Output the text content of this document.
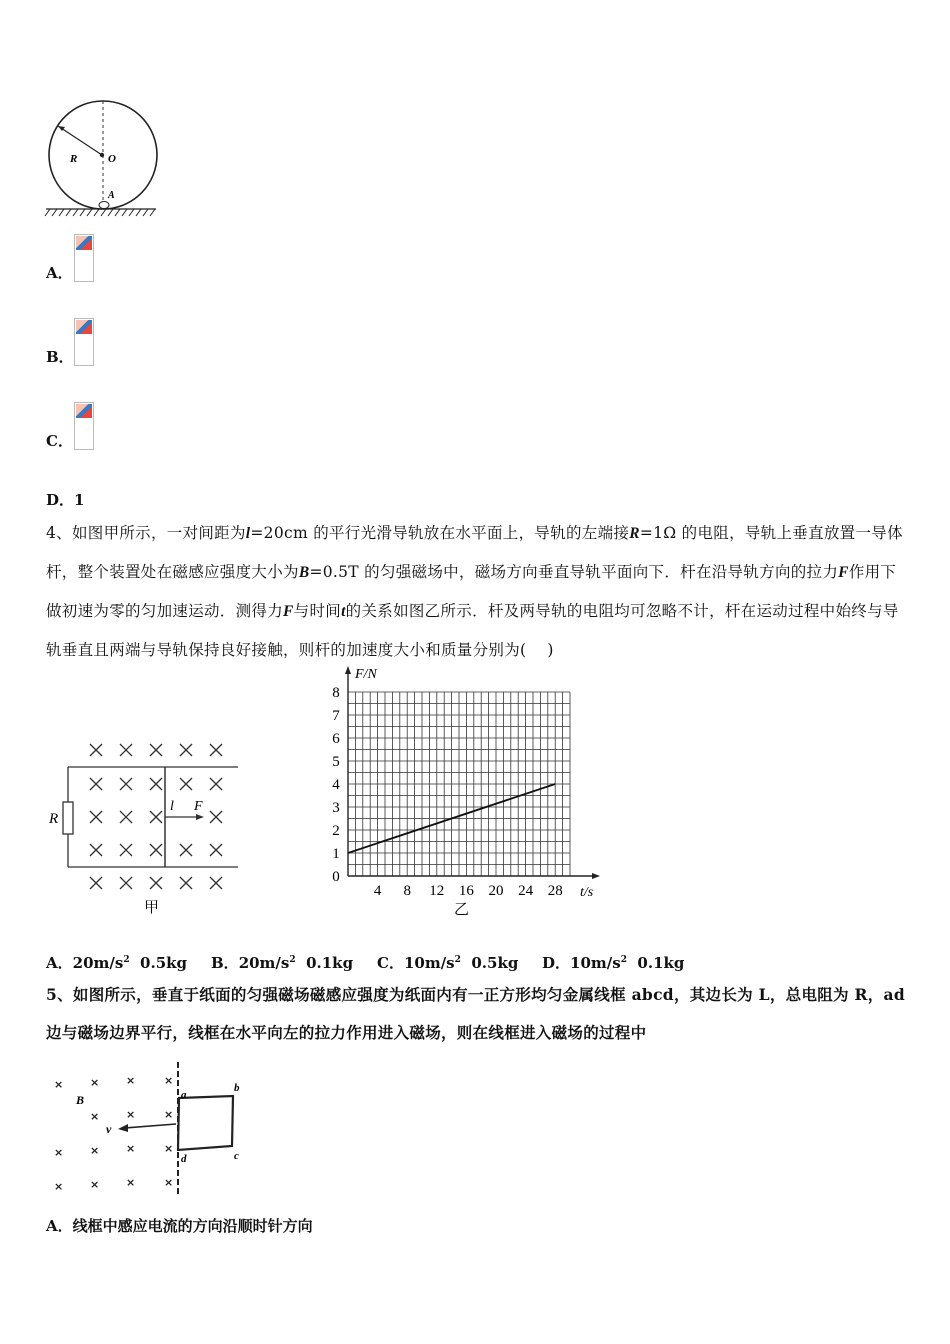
R	O
A
A．
B．
C．
D．1
4、如图甲所示，一对间距为l=20cm 的平行光滑导轨放在水平面上，导轨的左端接R=1Ω 的电阻，导轨上垂直放置一导体杆，整个装置处在磁感应强度大小为B=0.5T 的匀强磁场中，磁场方向垂直导轨平面向下．杆在沿导轨方向的拉力F作用下做初速为零的匀加速运动．测得力F与时间t的关系如图乙所示．杆及两导轨的电阻均可忽略不计，杆在运动过程中始终与导轨垂直且两端与导轨保持良好接触，则杆的加速度大小和质量分别为(　 )
R
l F
甲
0
1
2
3
4
5
6
7
8
4 8 12 16 20 24 28
F/N
t/s
乙
A．$20m/s^2$ 0.5kg B．$20m/s^2$ 0.1kg C．$10m/s^2$ 0.5kg D．$10m/s^2$ 0.1kg
5、如图所示，垂直于纸面的匀强磁场磁感应强度为纸面内有一正方形均匀金属线框 abcd，其边长为 L，总电阻为 R，ad 边与磁场边界平行，线框在水平向左的拉力作用进入磁场，则在线框进入磁场的过程中
× × ×	×
× ×	×
× × ×	×
× × ×	×
B
v
a
b
c
d
A．线框中感应电流的方向沿顺时针方向
